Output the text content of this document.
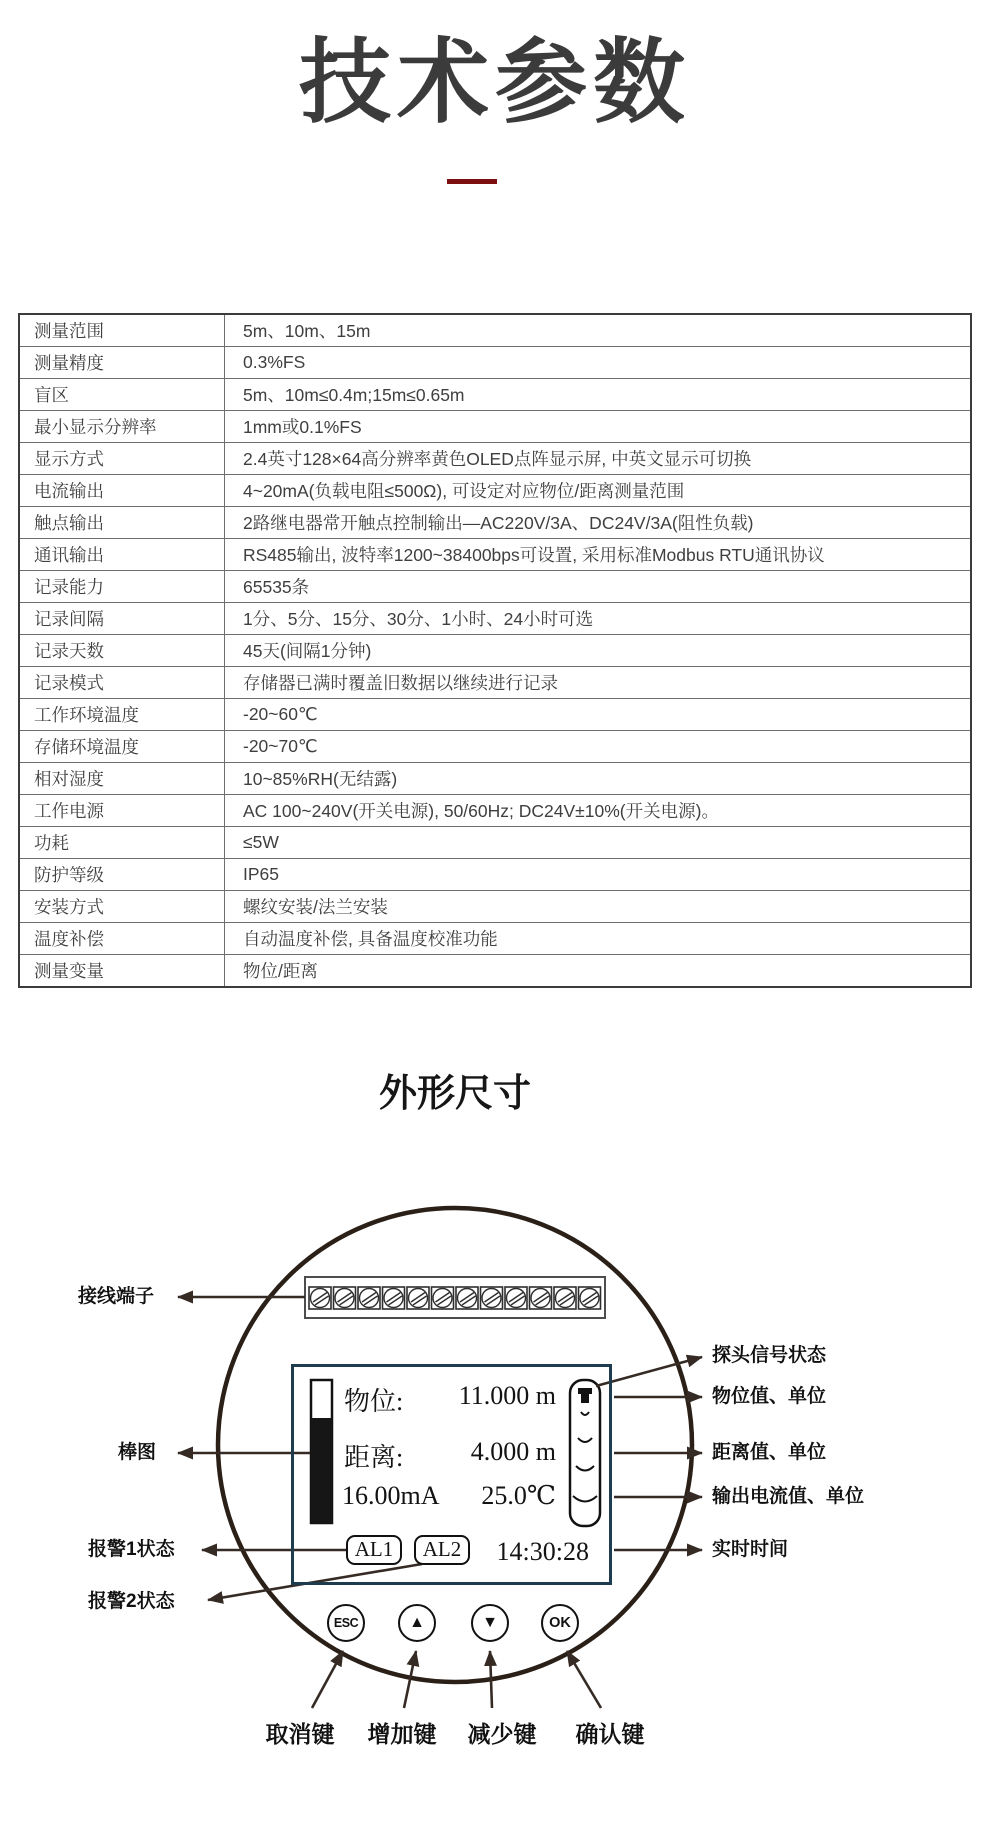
技术参数
测量范围	5m、10m、15m
测量精度	0.3%FS
盲区	5m、10m≤0.4m;15m≤0.65m
最小显示分辨率	1mm或0.1%FS
显示方式	2.4英寸128×64高分辨率黄色OLED点阵显示屏, 中英文显示可切换
电流输出	4~20mA(负载电阻≤500Ω), 可设定对应物位/距离测量范围
触点输出	2路继电器常开触点控制输出—AC220V/3A、DC24V/3A(阻性负载)
通讯输出	RS485输出, 波特率1200~38400bps可设置, 采用标准Modbus RTU通讯协议
记录能力	65535条
记录间隔	1分、5分、15分、30分、1小时、24小时可选
记录天数	45天(间隔1分钟)
记录模式	存储器已满时覆盖旧数据以继续进行记录
工作环境温度	-20~60℃
存储环境温度	-20~70℃
相对湿度	10~85%RH(无结露)
工作电源	AC 100~240V(开关电源), 50/60Hz; DC24V±10%(开关电源)。
功耗	≤5W
防护等级	IP65
安装方式	螺纹安装/法兰安装
温度补偿	自动温度补偿, 具备温度校准功能
测量变量	物位/距离
外形尺寸
物位: 11.000 m
距离:	4.000 m
16.00mA 25.0℃
AL1	AL2	14:30:28
ESC	▲	▼	OK
接线端子
棒图
报警1状态
报警2状态
探头信号状态
物位值、单位
距离值、单位
输出电流值、单位
实时时间
取消键	增加键	减少键	确认键
